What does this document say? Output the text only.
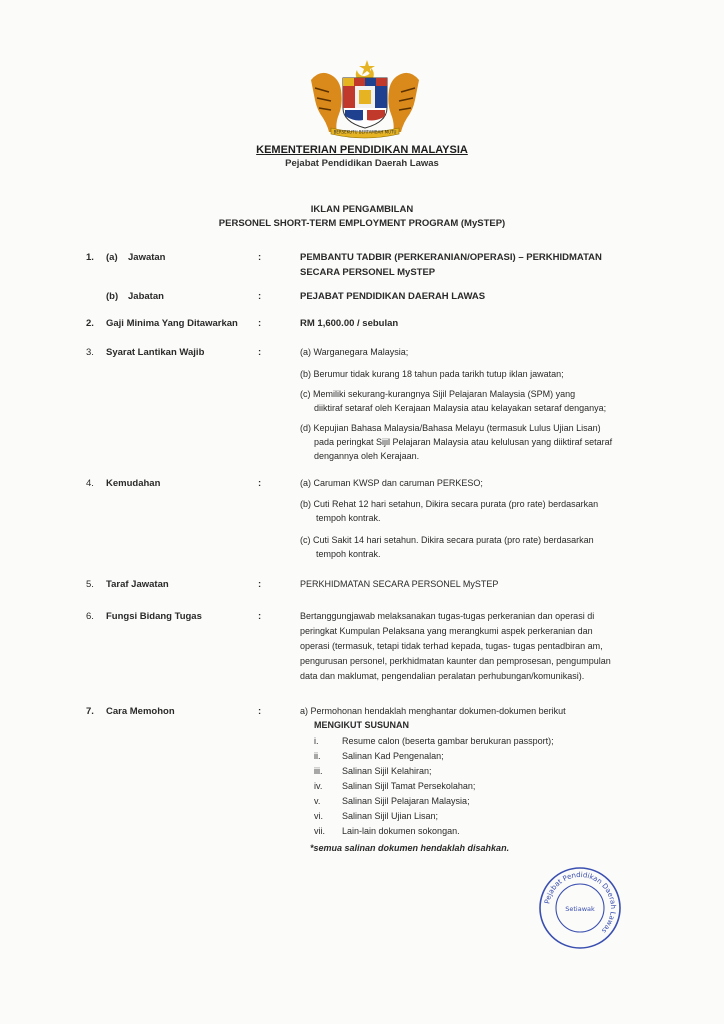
BERSEKUTU BERTAMBAH MUTU
KEMENTERIAN PENDIDIKAN MALAYSIA
Pejabat Pendidikan Daerah Lawas
IKLAN PENGAMBILAN
PERSONEL SHORT-TERM EMPLOYMENT PROGRAM (MySTEP)
1. (a) Jawatan	:	PEMBANTU TADBIR (PERKERANIAN/OPERASI) – PERKHIDMATAN
SECARA PERSONEL MySTEP
(b) Jabatan	:	PEJABAT PENDIDIKAN DAERAH LAWAS
2. Gaji Minima Yang Ditawarkan :	RM 1,600.00 / sebulan
3. Syarat Lantikan Wajib	:	(a) Warganegara Malaysia;
(b) Berumur tidak kurang 18 tahun pada tarikh tutup iklan jawatan;
(c) Memiliki sekurang-kurangnya Sijil Pelajaran Malaysia (SPM) yang
diiktiraf setaraf oleh Kerajaan Malaysia atau kelayakan setaraf denganya;
(d) Kepujian Bahasa Malaysia/Bahasa Melayu (termasuk Lulus Ujian Lisan)
pada peringkat Sijil Pelajaran Malaysia atau kelulusan yang diiktiraf setaraf
dengannya oleh Kerajaan.
4. Kemudahan	:	(a) Caruman KWSP dan caruman PERKESO;
(b) Cuti Rehat 12 hari setahun, Dikira secara purata (pro rate) berdasarkan
tempoh kontrak.
(c) Cuti Sakit 14 hari setahun. Dikira secara purata (pro rate) berdasarkan
tempoh kontrak.
5. Taraf Jawatan	:	PERKHIDMATAN SECARA PERSONEL MySTEP
6. Fungsi Bidang Tugas	:	Bertanggungjawab melaksanakan tugas-tugas perkeranian dan operasi di
peringkat Kumpulan Pelaksana yang merangkumi aspek perkeranian dan
operasi (termasuk, tetapi tidak terhad kepada, tugas- tugas pentadbiran am,
pengurusan personel, perkhidmatan kaunter dan pemprosesan, pengumpulan
data dan maklumat, pengendalian peralatan perhubungan/komunikasi).
7. Cara Memohon	:	a) Permohonan hendaklah menghantar dokumen-dokumen berikut
MENGIKUT SUSUNAN
i.	Resume calon (beserta gambar berukuran passport);
ii. Salinan Kad Pengenalan;
iii. Salinan Sijil Kelahiran;
iv. Salinan Sijil Tamat Persekolahan;
v. Salinan Sijil Pelajaran Malaysia;
vi. Salinan Sijil Ujian Lisan;
vii. Lain-lain dokumen sokongan.
*semua salinan dokumen hendaklah disahkan.
Pejabat Pendidikan Daerah Lawas
Setiawak
